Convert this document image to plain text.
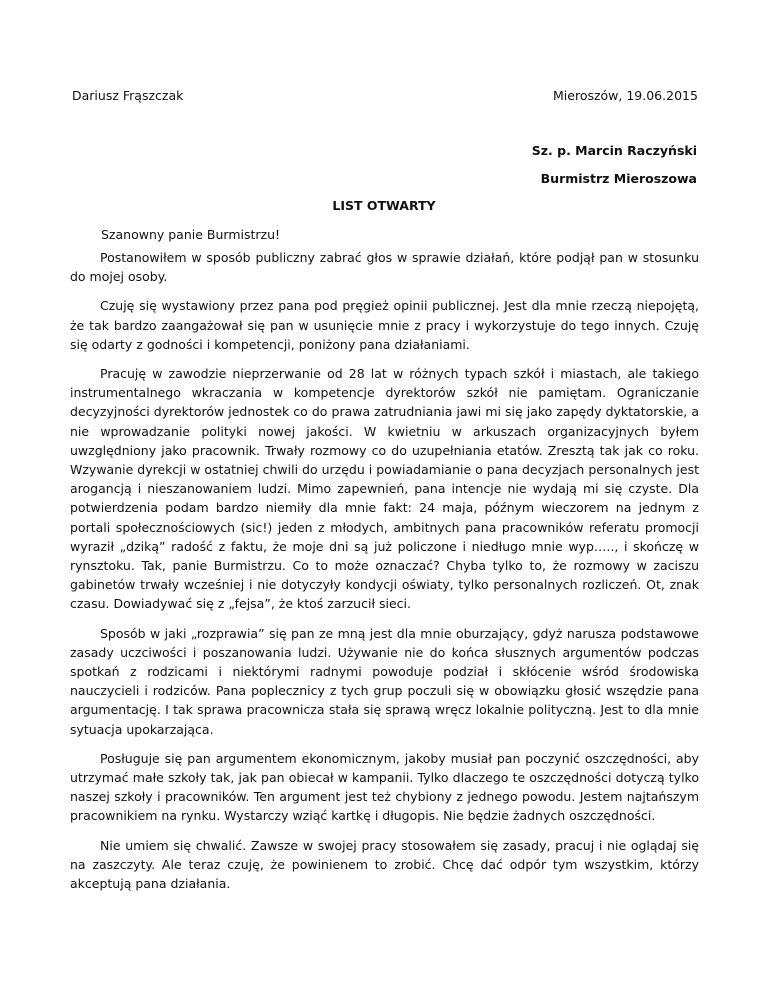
Dariusz Frąszczak	Mieroszów, 19.06.2015
Sz. p. Marcin Raczyński
Burmistrz Mieroszowa
LIST OTWARTY
Szanowny panie Burmistrzu!

Postanowiłem w sposób publiczny zabrać głos w sprawie działań, które podjął pan w stosunku do mojej osoby.

Czuję się wystawiony przez pana pod pręgież opinii publicznej. Jest dla mnie rzeczą niepojętą, że tak bardzo zaangażował się pan w usunięcie mnie z pracy i wykorzystuje do tego innych. Czuję się odarty z godności i kompetencji, poniżony pana działaniami.

Pracuję w zawodzie nieprzerwanie od 28 lat w różnych typach szkół i miastach, ale takiego instrumentalnego wkraczania w kompetencje dyrektorów szkół nie pamiętam. Ograniczanie decyzyjności dyrektorów jednostek co do prawa zatrudniania jawi mi się jako zapędy dyktatorskie, a nie wprowadzanie polityki nowej jakości. W kwietniu w arkuszach organizacyjnych byłem uwzględniony jako pracownik. Trwały rozmowy co do uzupełniania etatów. Zresztą tak jak co roku. Wzywanie dyrekcji w ostatniej chwili do urzędu i powiadamianie o pana decyzjach personalnych jest arogancją i nieszanowaniem ludzi. Mimo zapewnień, pana intencje nie wydają mi się czyste. Dla potwierdzenia podam bardzo niemiły dla mnie fakt: 24 maja, późnym wieczorem na jednym z portali społecznościowych (sic!) jeden z młodych, ambitnych pana pracowników referatu promocji wyraził „dziką” radość z faktu, że moje dni są już policzone i niedługo mnie wyp….., i skończę w rynsztoku. Tak, panie Burmistrzu. Co to może oznaczać? Chyba tylko to, że rozmowy w zaciszu gabinetów trwały wcześniej i nie dotyczyły kondycji oświaty, tylko personalnych rozliczeń. Ot, znak czasu. Dowiadywać się z „fejsa”, że ktoś zarzucił sieci.

Sposób w jaki „rozprawia” się pan ze mną jest dla mnie oburzający, gdyż narusza podstawowe zasady uczciwości i poszanowania ludzi. Używanie nie do końca słusznych argumentów podczas spotkań z rodzicami i niektórymi radnymi powoduje podział i skłócenie wśród środowiska nauczycieli i rodziców. Pana poplecznicy z tych grup poczuli się w obowiązku głosić wszędzie pana argumentację. I tak sprawa pracownicza stała się sprawą wręcz lokalnie polityczną. Jest to dla mnie sytuacja upokarzająca.

Posługuje się pan argumentem ekonomicznym, jakoby musiał pan poczynić oszczędności, aby utrzymać małe szkoły tak, jak pan obiecał w kampanii. Tylko dlaczego te oszczędności dotyczą tylko naszej szkoły i pracowników. Ten argument jest też chybiony z jednego powodu. Jestem najtańszym pracownikiem na rynku. Wystarczy wziąć kartkę i długopis. Nie będzie żadnych oszczędności.

Nie umiem się chwalić. Zawsze w swojej pracy stosowałem się zasady, pracuj i nie oglądaj się na zaszczyty. Ale teraz czuję, że powinienem to zrobić. Chcę dać odpór tym wszystkim, którzy akceptują pana działania.
